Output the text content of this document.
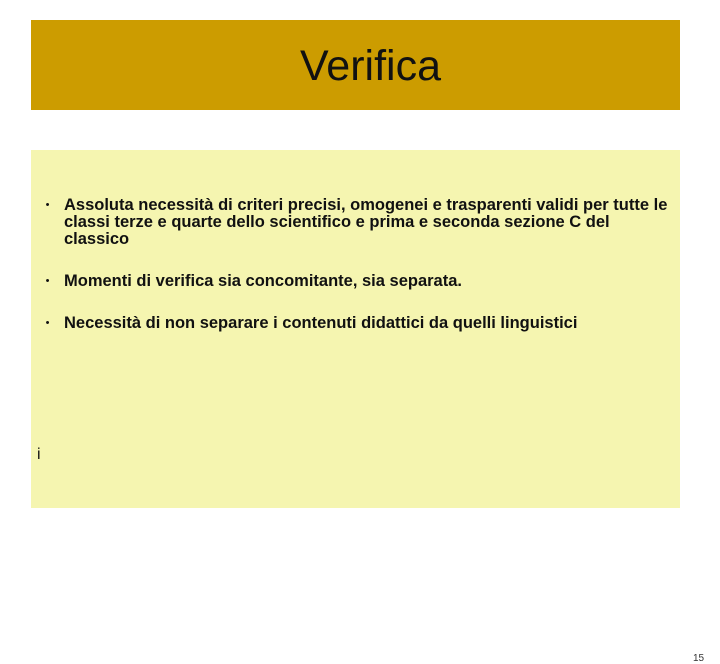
Verifica
• Assoluta necessità di criteri precisi, omogenei e trasparenti validi per tutte le classi terze e quarte dello scientifico e prima e seconda sezione C del classico
• Momenti di verifica sia concomitante, sia separata.
• Necessità di non separare i contenuti didattici da quelli linguistici
i
15
